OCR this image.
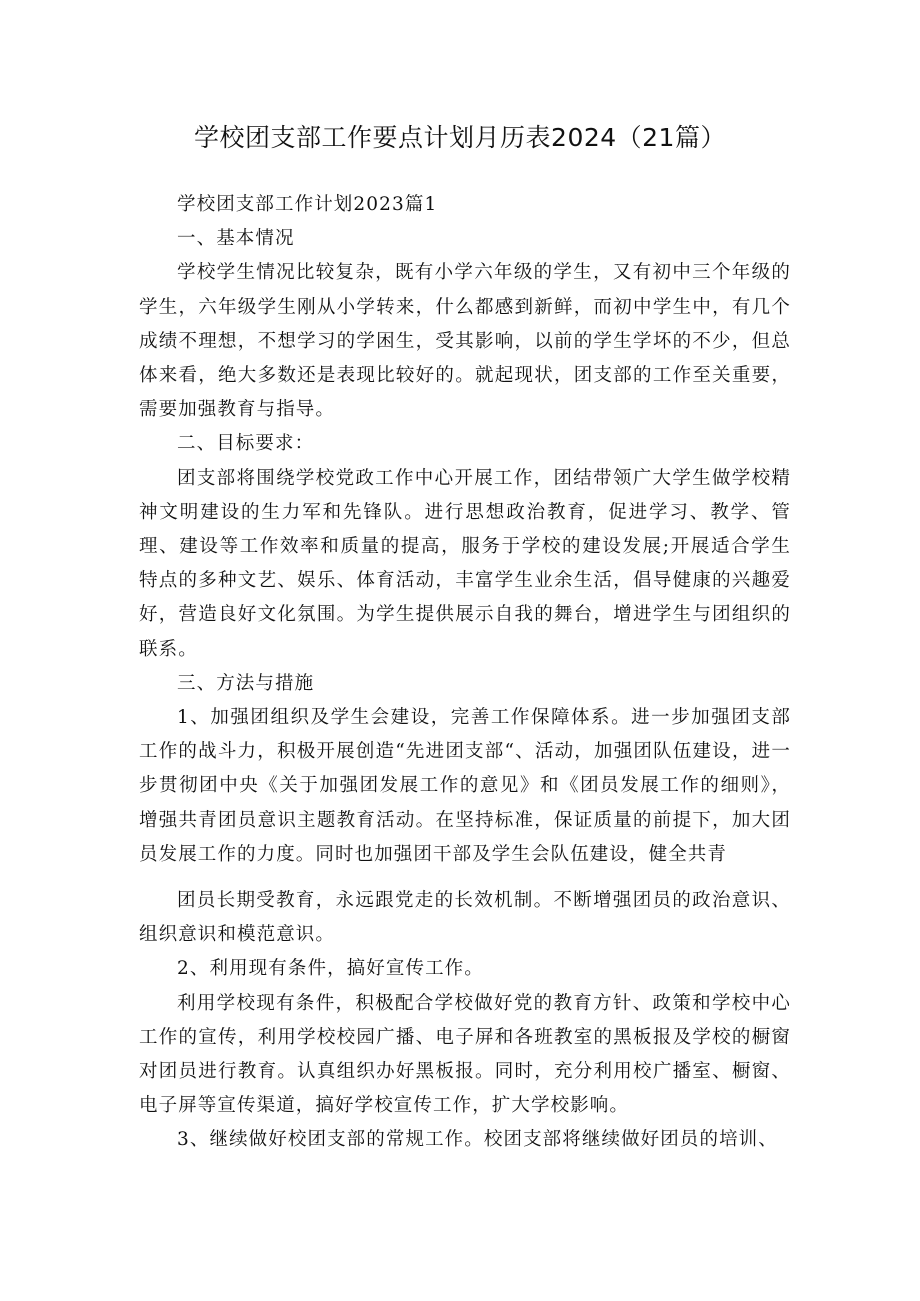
学校团支部工作要点计划月历表2024（21篇）

学校团支部工作计划2023篇1

一、基本情况

学校学生情况比较复杂，既有小学六年级的学生，又有初中三个年级的学生，六年级学生刚从小学转来，什么都感到新鲜，而初中学生中，有几个成绩不理想，不想学习的学困生，受其影响，以前的学生学坏的不少，但总体来看，绝大多数还是表现比较好的。就起现状，团支部的工作至关重要，需要加强教育与指导。

二、目标要求：

团支部将围绕学校党政工作中心开展工作，团结带领广大学生做学校精神文明建设的生力军和先锋队。进行思想政治教育，促进学习、教学、管理、建设等工作效率和质量的提高，服务于学校的建设发展;开展适合学生特点的多种文艺、娱乐、体育活动，丰富学生业余生活，倡导健康的兴趣爱好，营造良好文化氛围。为学生提供展示自我的舞台，增进学生与团组织的联系。

三、方法与措施

1、加强团组织及学生会建设，完善工作保障体系。进一步加强团支部工作的战斗力，积极开展创造“先进团支部“、活动，加强团队伍建设，进一步贯彻团中央《关于加强团发展工作的意见》和《团员发展工作的细则》，增强共青团员意识主题教育活动。在坚持标准，保证质量的前提下，加大团员发展工作的力度。同时也加强团干部及学生会队伍建设，健全共青

团员长期受教育，永远跟党走的长效机制。不断增强团员的政治意识、组织意识和模范意识。

2、利用现有条件，搞好宣传工作。

利用学校现有条件，积极配合学校做好党的教育方针、政策和学校中心工作的宣传，利用学校校园广播、电子屏和各班教室的黑板报及学校的橱窗对团员进行教育。认真组织办好黑板报。同时，充分利用校广播室、橱窗、电子屏等宣传渠道，搞好学校宣传工作，扩大学校影响。

3、继续做好校团支部的常规工作。校团支部将继续做好团员的培训、
